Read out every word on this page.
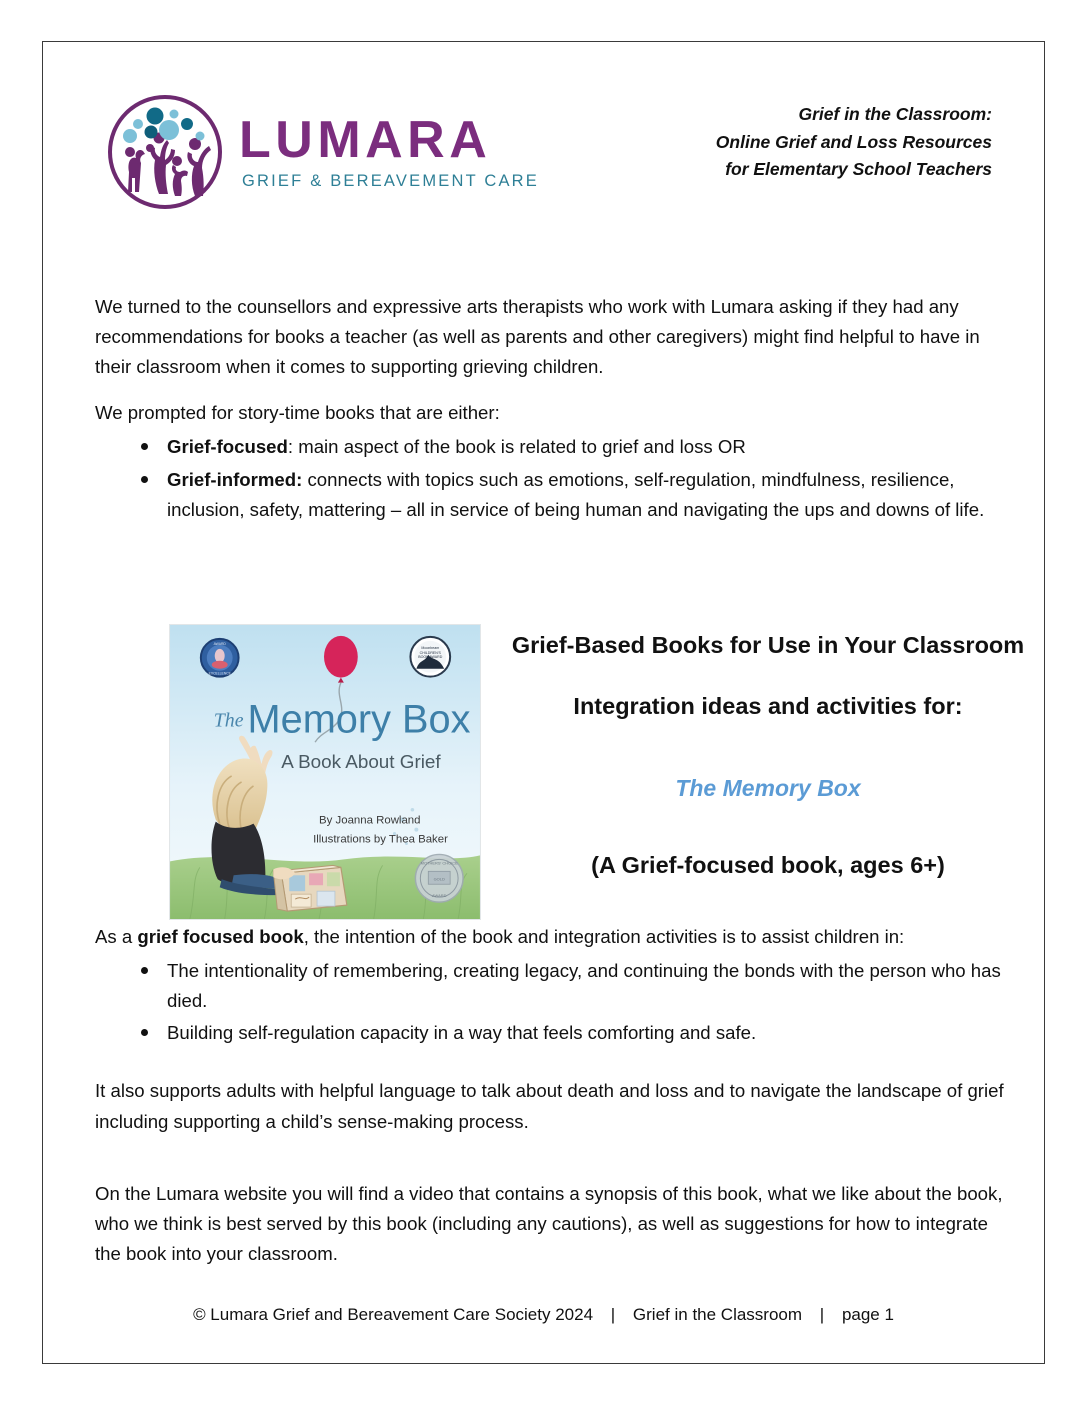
LUMARA
GRIEF & BEREAVEMENT CARE
Grief in the Classroom:
Online Grief and Loss Resources
for Elementary School Teachers

We turned to the counsellors and expressive arts therapists who work with Lumara asking if they had any recommendations for books a teacher (as well as parents and other caregivers) might find helpful to have in their classroom when it comes to supporting grieving children.

We prompted for story-time books that are either:

Grief-focused: main aspect of the book is related to grief and loss OR
Grief-informed: connects with topics such as emotions, self-regulation, mindfulness, resilience, inclusion, safety, mattering – all in service of being human and navigating the ups and downs of life.
AWARD
EXCELLENCE
Moonbeam
CHILDREN'S
BOOK AWARD
MOTHERS' CHOICE
GOLD
AWARD
The Memory Box
A Book About Grief
By Joanna Rowland
Illustrations by Thea Baker
Grief-Based Books for Use in Your Classroom
Integration ideas and activities for:
The Memory Box
(A Grief-focused book, ages 6+)

As a grief focused book, the intention of the book and integration activities is to assist children in:

The intentionality of remembering, creating legacy, and continuing the bonds with the person who has died.
Building self-regulation capacity in a way that feels comforting and safe.

It also supports adults with helpful language to talk about death and loss and to navigate the landscape of grief including supporting a child’s sense-making process.

On the Lumara website you will find a video that contains a synopsis of this book, what we like about the book, who we think is best served by this book (including any cautions), as well as suggestions for how to integrate the book into your classroom.

© Lumara Grief and Bereavement Care Society 2024 | Grief in the Classroom | page 1
